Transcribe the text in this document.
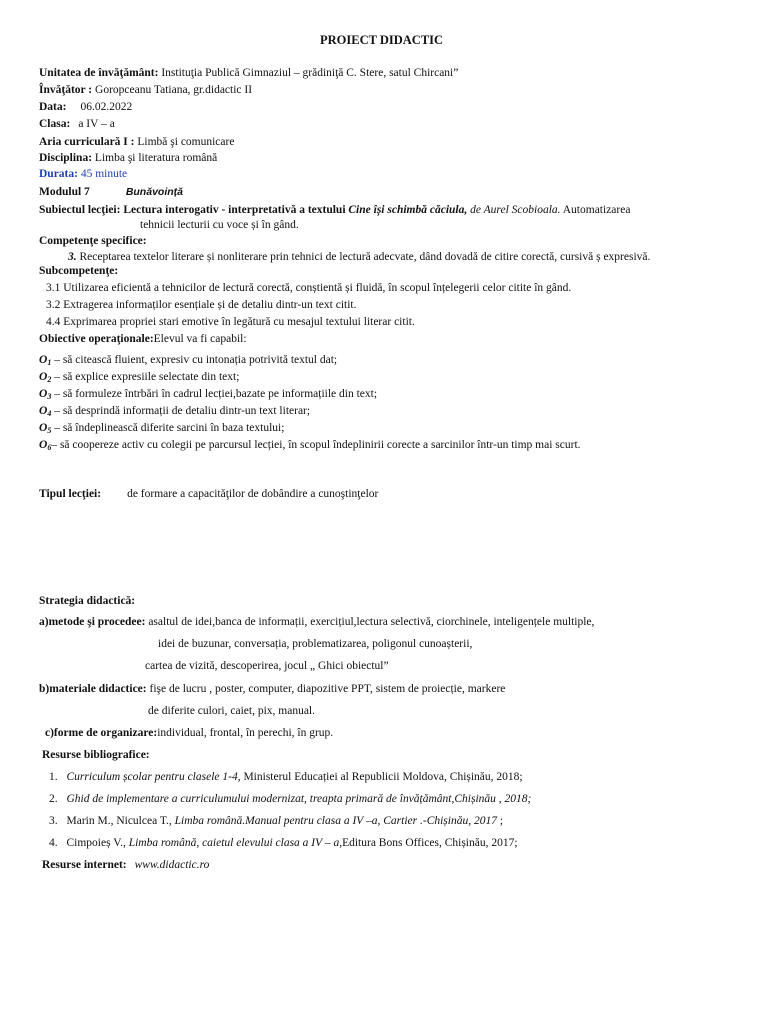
PROIECT DIDACTIC
Unitatea de învăţământ: Instituţia Publică Gimnaziul – grădiniţă C. Stere, satul Chircani”
Învăţător : Goropceanu Tatiana, gr.didactic II
Data: 06.02.2022
Clasa: a IV – a
Aria curriculară I : Limbă şi comunicare
Disciplina: Limba şi literatura română
Durata: 45 minute
Modulul 7	Bunăvoință
Subiectul lecţiei: Lectura interogativ - interpretativă a textului Cine își schimbă căciula, de Aurel Scobioala. Automatizarea
tehnicii lecturii cu voce și în gând.
Competenţe specifice:
3. Receptarea textelor literare și nonliterare prin tehnici de lectură adecvate, dând dovadă de citire corectă, cursivă ș expresivă.
Subcompetenţe:
3.1 Utilizarea eficientă a tehnicilor de lectură corectă, conștientă și fluidă, în scopul înțelegerii celor citite în gând.
3.2 Extragerea informaților esențiale și de detaliu dintr-un text citit.
4.4 Exprimarea propriei stari emotive în legătură cu mesajul textului literar citit.
Obiective operaţionale:Elevul va fi capabil:
$O_1$ – să citească fluient, expresiv cu intonația potrivită textul dat;
$O_2$ – să explice expresiile selectate din text;
$O_3$ – să formuleze întrbări în cadrul lecției,bazate pe informațiile din text;
$O_4$ – să desprindă informații de detaliu dintr-un text literar;
$O_5$ – să îndeplinească diferite sarcini în baza textului;
$O_6-$ să coopereze activ cu colegii pe parcursul lecției, în scopul îndeplinirii corecte a sarcinilor într-un timp mai scurt.
Tipul lecţiei: de formare a capacităţilor de dobândire a cunoştinţelor
Strategia didactică:
a)metode şi procedee: asaltul de idei,banca de informații, exercițiul,lectura selectivă, ciorchinele, inteligențele multiple,
idei de buzunar, conversația, problematizarea, poligonul cunoașterii,
cartea de vizită, descoperirea, jocul „ Ghici obiectul”
b)materiale didactice: fişe de lucru , poster, computer, diapozitive PPT, sistem de proiecție, markere
de diferite culori, caiet, pix, manual.
c)forme de organizare:individual, frontal, în perechi, în grup.
Resurse bibliografice:
1. Curriculum școlar pentru clasele 1-4, Ministerul Educației al Republicii Moldova, Chișinău, 2018;
2. Ghid de implementare a curriculumului modernizat, treapta primară de învățământ,Chișinău , 2018;
3. Marin M., Niculcea T., Limba română.Manual pentru clasa a IV –a, Cartier .-Chișinău, 2017 ;
4. Cimpoieș V., Limba română, caietul elevului clasa a IV – a,Editura Bons Offices, Chișinău, 2017;
Resurse internet: www.didactic.ro
